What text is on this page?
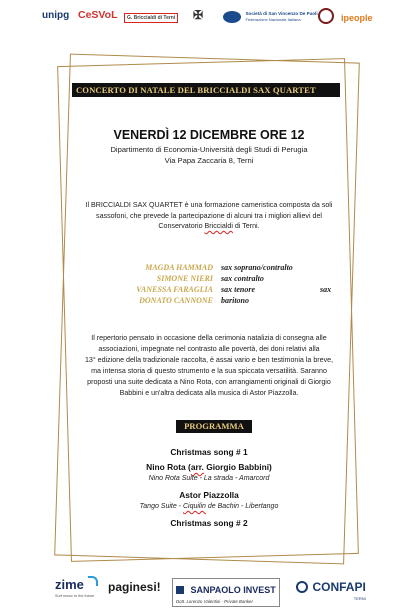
unipg CeSVoL	G. Briccialdi di Terni ✠
	Società di San Vincenzo De Paoli
Federazione Nazionale Italiana	ipeople
CONCERTO DI NATALE DEL BRICCIALDI SAX QUARTET
VENERDÌ 12 DICEMBRE ORE 12
Dipartimento di Economia-Università degli Studi di Perugia
Via Papa Zaccaria 8, Terni
Il BRICCIALDI SAX QUARTET è una formazione cameristica composta da soli
sassofoni, che prevede la partecipazione di alcuni tra i migliori allievi del
Conservatorio Briccialdi di Terni.
MAGDA HAMMAD sax soprano/contralto
SIMONE NIERI sax contralto
VANESSA FARAGLIA sax tenore	sax
DONATO CANNONE baritono
Il repertorio pensato in occasione della cerimonia natalizia di consegna alle
associazioni, impegnate nel contrasto alle povertà, dei doni relativi alla
13° edizione della tradizionale raccolta, è assai vario e ben testimonia la breve,
ma intensa storia di questo strumento e la sua spiccata versatilità. Saranno
proposti una suite dedicata a Nino Rota, con arrangiamenti originali di Giorgio
Babbini e un'altra dedicata alla musica di Astor Piazzolla.
PROGRAMMA
Christmas song # 1
Nino Rota (arr. Giorgio Babbini)
Nino Rota Suite - La strada - Amarcord
Astor Piazzolla
Tango Suite - Ciquilin de Bachin - Libertango
Christmas song # 2
zime
Surf music to the future
paginesi!	SANPAOLO INVEST
Dott. Lorenzo Valentini - Private Banker
CONFAPI
TERNI
